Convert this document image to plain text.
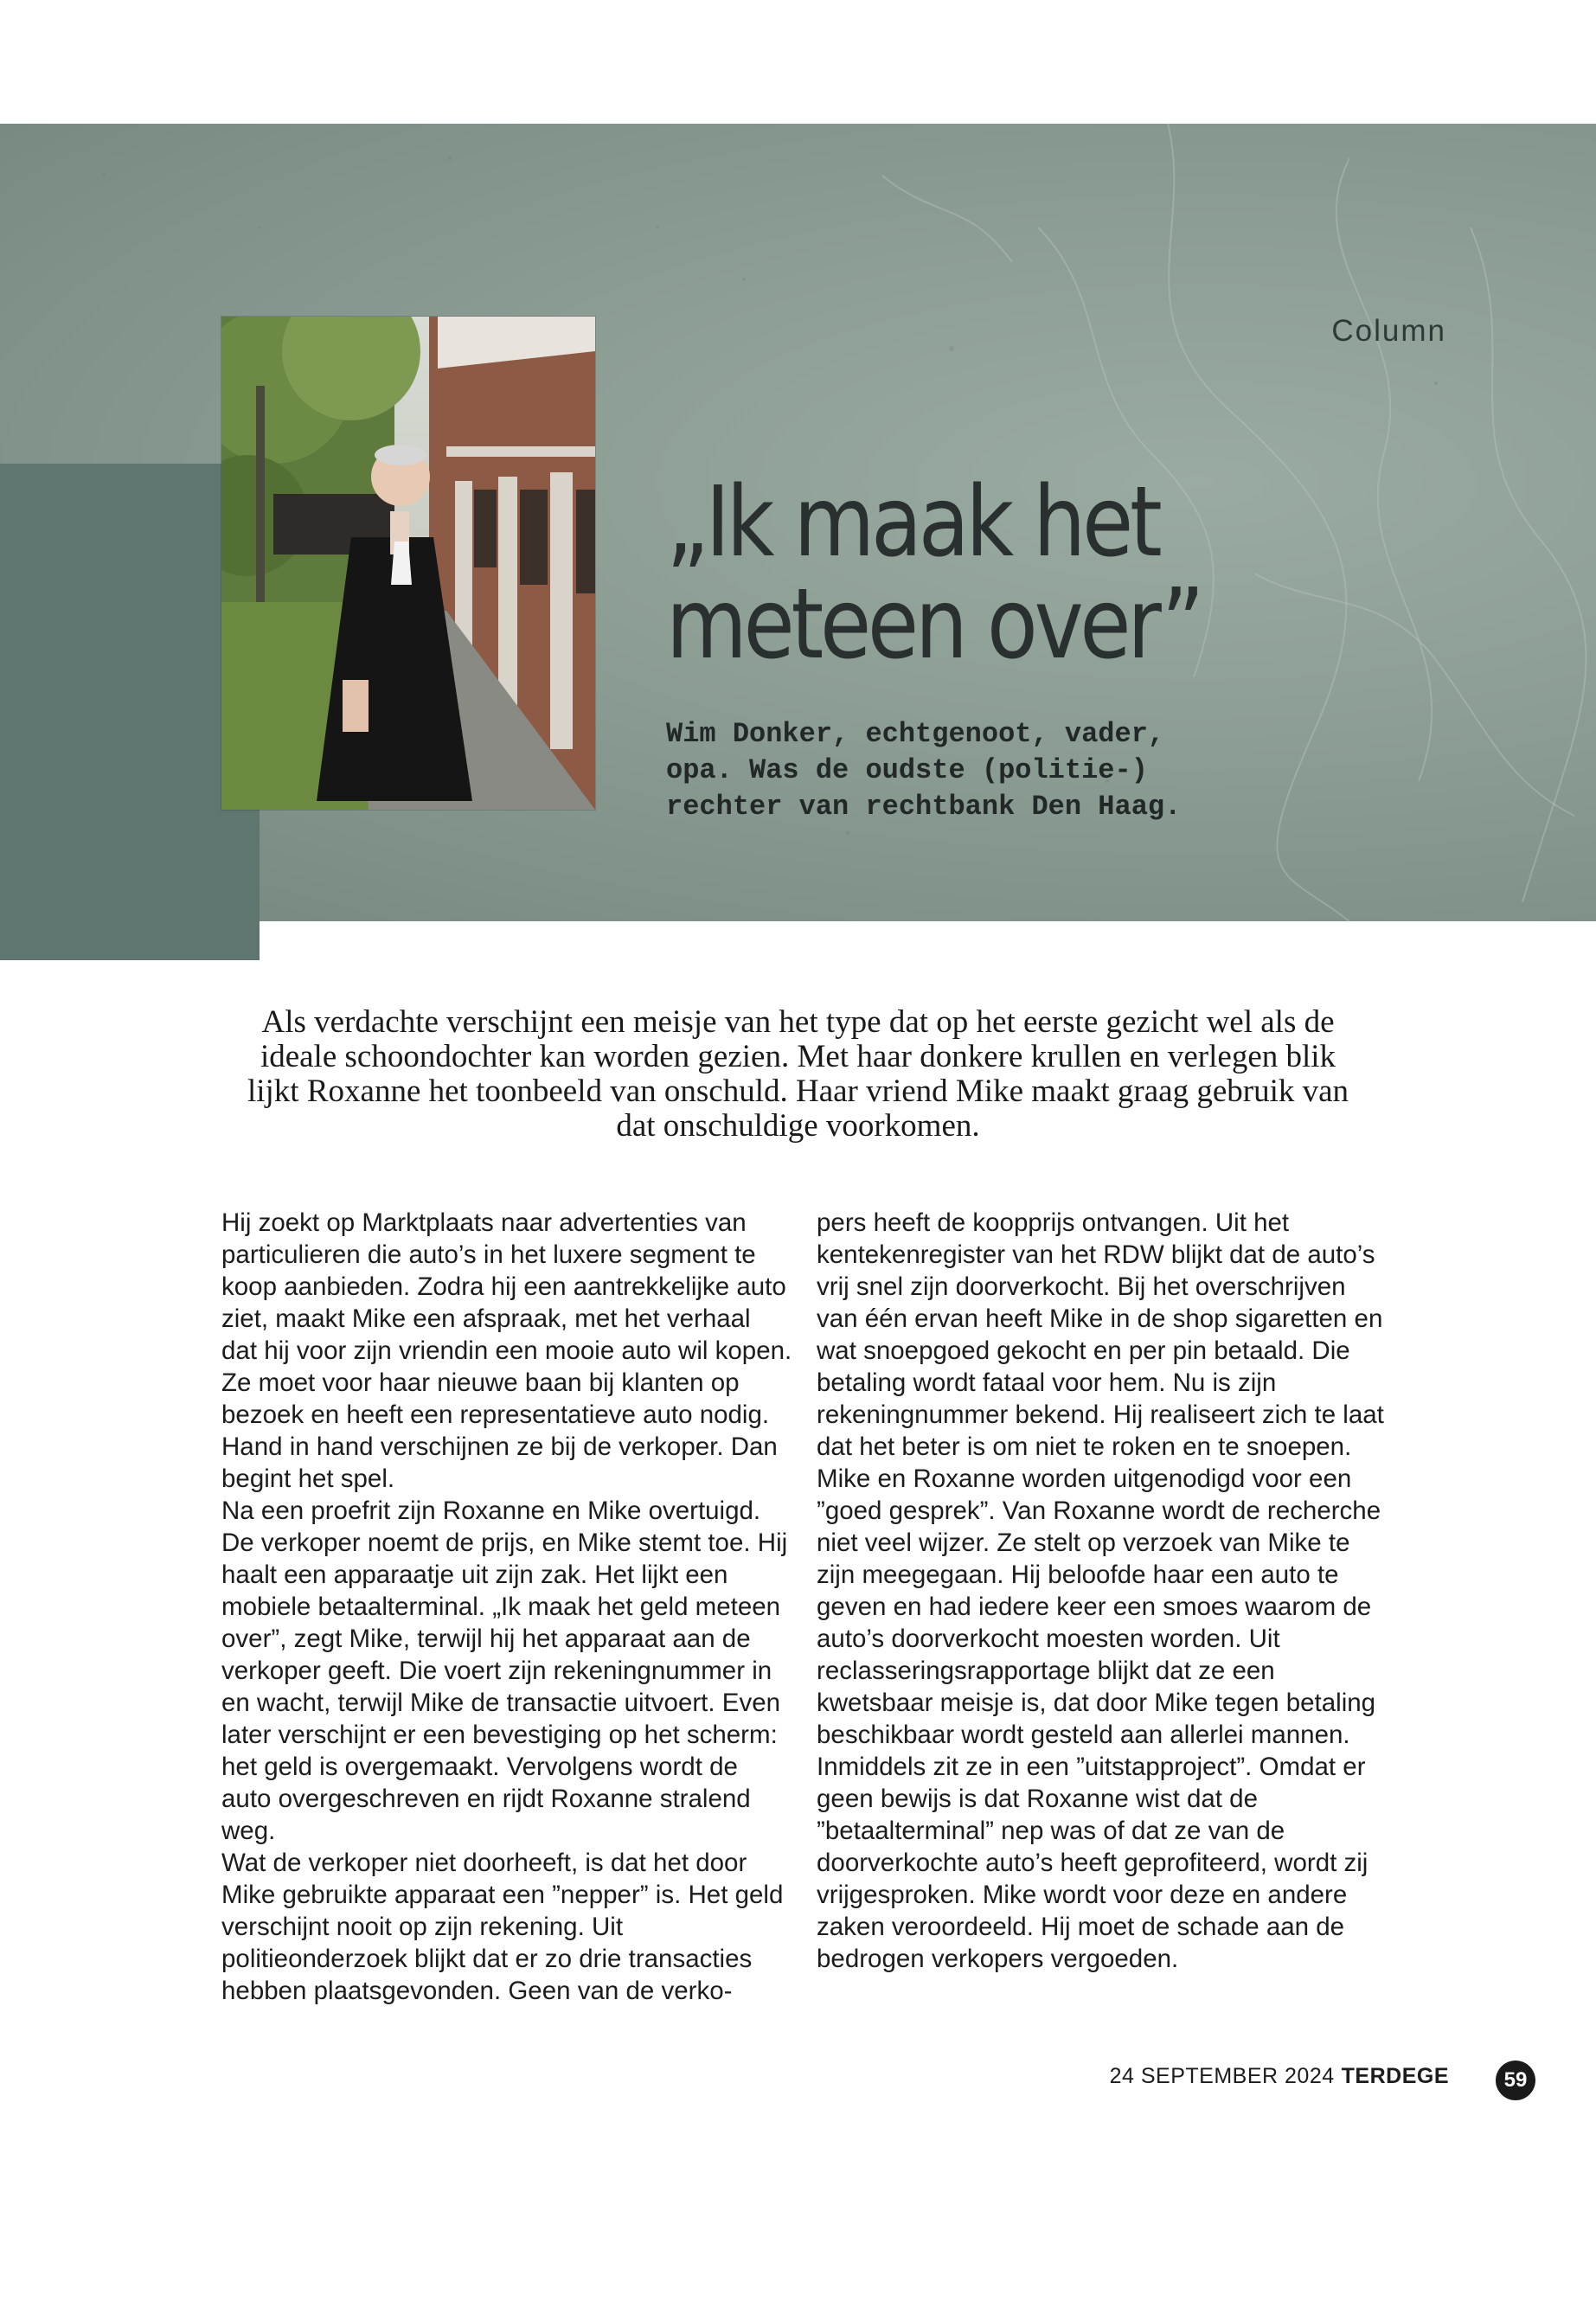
Column
„Ik maak het
meteen over”
Wim Donker, echtgenoot, vader,
opa. Was de oudste (politie-)
rechter van rechtbank Den Haag.
Als verdachte verschijnt een meisje van het type dat op het eerste gezicht wel als de ideale schoondochter kan worden gezien. Met haar donkere krullen en verlegen blik lijkt Roxanne het toonbeeld van onschuld. Haar vriend Mike maakt graag gebruik van dat onschuldige voorkomen.

Hij zoekt op Marktplaats naar advertenties van particulieren die auto’s in het luxere segment te koop aanbieden. Zodra hij een aantrekkelijke auto ziet, maakt Mike een afspraak, met het verhaal dat hij voor zijn vriendin een mooie auto wil kopen. Ze moet voor haar nieuwe baan bij klanten op bezoek en heeft een representatieve auto nodig. Hand in hand verschijnen ze bij de verkoper. Dan begint het spel.

Na een proefrit zijn Roxanne en Mike overtuigd. De verkoper noemt de prijs, en Mike stemt toe. Hij haalt een apparaatje uit zijn zak. Het lijkt een mobiele betaalterminal. „Ik maak het geld meteen over”, zegt Mike, terwijl hij het apparaat aan de verkoper geeft. Die voert zijn rekeningnummer in en wacht, terwijl Mike de transactie uitvoert. Even later verschijnt er een bevestiging op het scherm: het geld is overgemaakt. Vervolgens wordt de auto overgeschreven en rijdt Roxanne stralend weg.

Wat de verkoper niet doorheeft, is dat het door Mike gebruikte apparaat een ”nepper” is. Het geld verschijnt nooit op zijn rekening. Uit politieonderzoek blijkt dat er zo drie transacties hebben plaatsgevonden. Geen van de verko-

pers heeft de koopprijs ontvangen. Uit het kentekenregister van het RDW blijkt dat de auto’s vrij snel zijn doorverkocht. Bij het overschrijven van één ervan heeft Mike in de shop sigaretten en wat snoepgoed gekocht en per pin betaald. Die betaling wordt fataal voor hem. Nu is zijn rekeningnummer bekend. Hij realiseert zich te laat dat het beter is om niet te roken en te snoepen.

Mike en Roxanne worden uitgenodigd voor een ”goed gesprek”. Van Roxanne wordt de recherche niet veel wijzer. Ze stelt op verzoek van Mike te zijn meegegaan. Hij beloofde haar een auto te geven en had iedere keer een smoes waarom de auto’s doorverkocht moesten worden. Uit reclasseringsrapportage blijkt dat ze een kwetsbaar meisje is, dat door Mike tegen betaling beschikbaar wordt gesteld aan allerlei mannen. Inmiddels zit ze in een ”uitstapproject”. Omdat er geen bewijs is dat Roxanne wist dat de ”betaalterminal” nep was of dat ze van de doorverkochte auto’s heeft geprofiteerd, wordt zij vrijgesproken. Mike wordt voor deze en andere zaken veroordeeld. Hij moet de schade aan de bedrogen verkopers vergoeden.

24 SEPTEMBER 2024 TERDEGE	59
